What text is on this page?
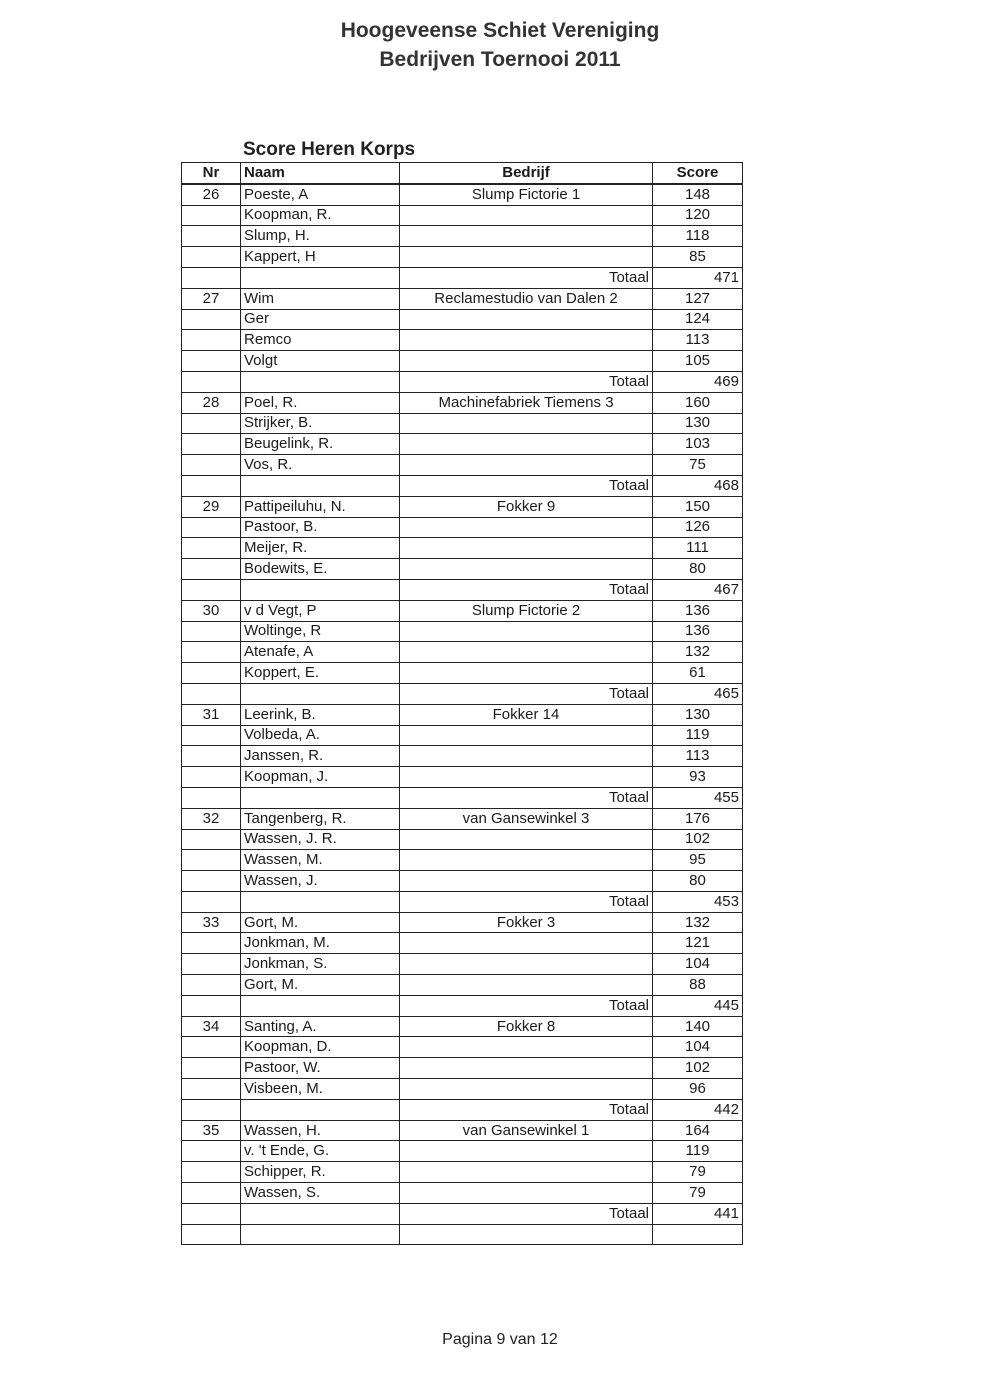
Hoogeveense Schiet Vereniging
Bedrijven Toernooi 2011
Score Heren Korps
Nr	Naam	Bedrijf	Score
26	Poeste, A	Slump Fictorie 1	148
	Koopman, R.		120
	Slump, H.		118
	Kappert, H		85
		Totaal	471
27	Wim	Reclamestudio van Dalen 2	127
	Ger		124
	Remco		113
	Volgt		105
		Totaal	469
28	Poel, R.	Machinefabriek Tiemens 3	160
	Strijker, B.		130
	Beugelink, R.		103
	Vos, R.		75
		Totaal	468
29	Pattipeiluhu, N.	Fokker 9	150
	Pastoor, B.		126
	Meijer, R.		111
	Bodewits, E.		80
		Totaal	467
30	v d Vegt, P	Slump Fictorie 2	136
	Woltinge, R		136
	Atenafe, A		132
	Koppert, E.		61
		Totaal	465
31	Leerink, B.	Fokker 14	130
	Volbeda, A.		119
	Janssen, R.		113
	Koopman, J.		93
		Totaal	455
32	Tangenberg, R.	van Gansewinkel 3	176
	Wassen, J. R.		102
	Wassen, M.		95
	Wassen, J.		80
		Totaal	453
33	Gort, M.	Fokker 3	132
	Jonkman, M.		121
	Jonkman, S.		104
	Gort, M.		88
		Totaal	445
34	Santing, A.	Fokker 8	140
	Koopman, D.		104
	Pastoor, W.		102
	Visbeen, M.		96
		Totaal	442
35	Wassen, H.	van Gansewinkel 1	164
	v. 't Ende, G.		119
	Schipper, R.		79
	Wassen, S.		79
		Totaal	441

Pagina 9 van 12
